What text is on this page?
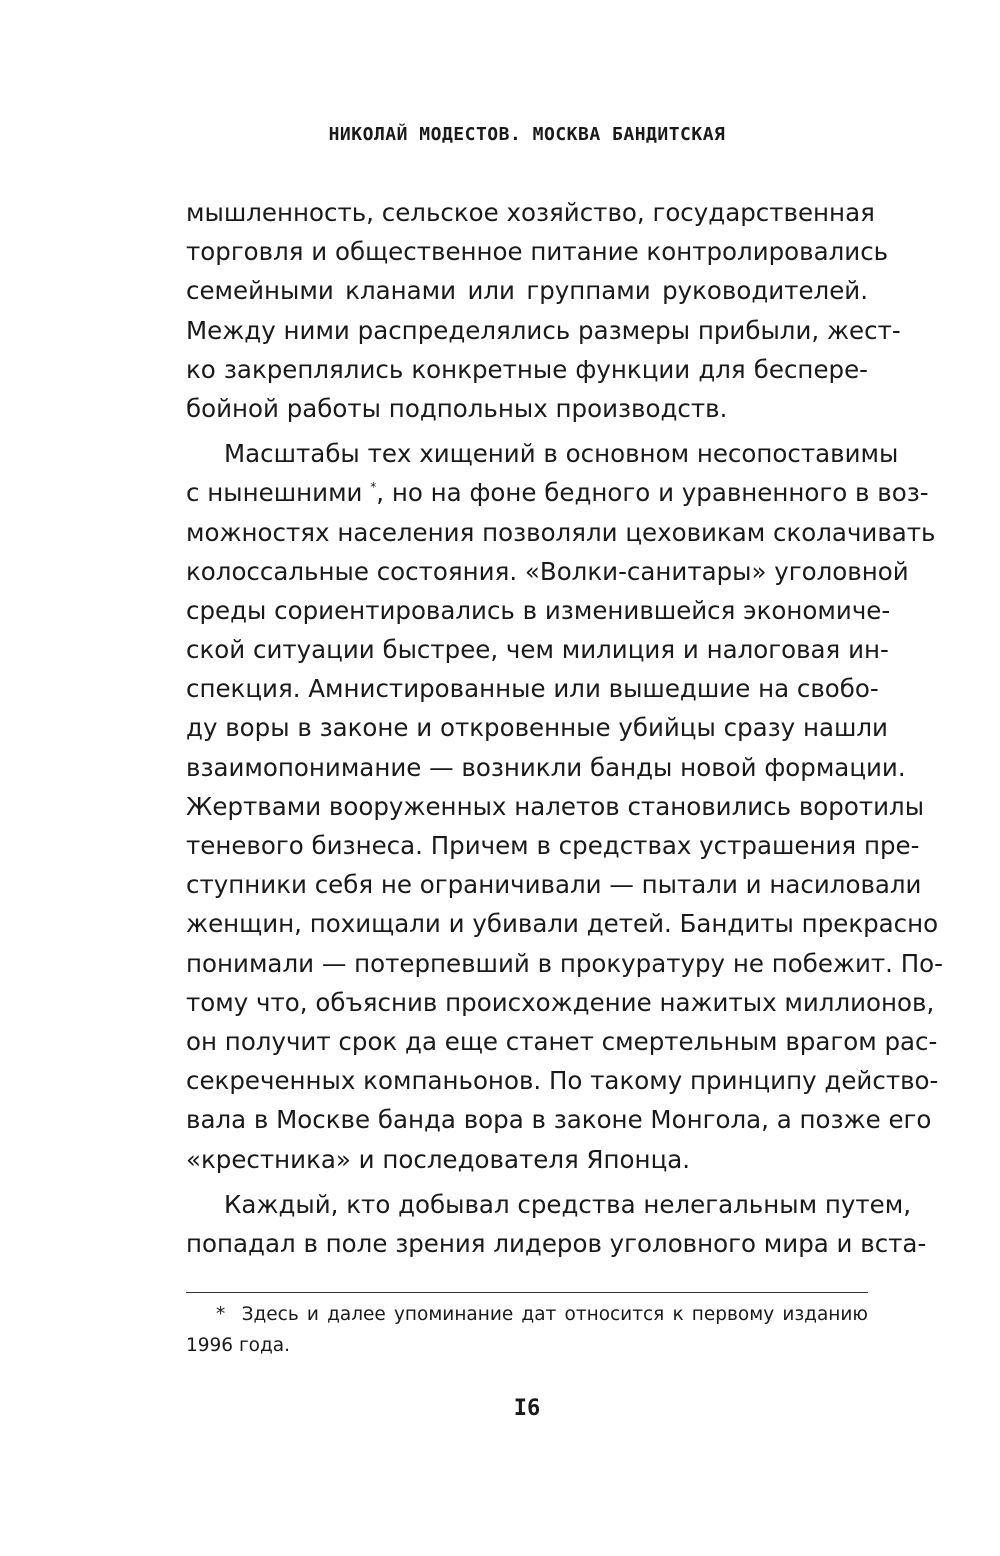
НИКОЛАЙ МОДЕСТОВ. МОСКВА БАНДИТСКАЯ
мышленность, сельское хозяйство, государственная
торговля и общественное питание контролировались
семейными кланами или группами руководителей.
Между ними распределялись размеры прибыли, жест-
ко закреплялись конкретные функции для беспере-
бойной работы подпольных производств.
Масштабы тех хищений в основном несопоставимы
с нынешними *, но на фоне бедного и уравненного в воз-
можностях населения позволяли цеховикам сколачивать
колоссальные состояния. «Волки-санитары» уголовной
среды сориентировались в изменившейся экономиче-
ской ситуации быстрее, чем милиция и налоговая ин-
спекция. Амнистированные или вышедшие на свобо-
ду воры в законе и откровенные убийцы сразу нашли
взаимопонимание — возникли банды новой формации.
Жертвами вооруженных налетов становились воротилы
теневого бизнеса. Причем в средствах устрашения пре-
ступники себя не ограничивали — пытали и насиловали
женщин, похищали и убивали детей. Бандиты прекрасно
понимали — потерпевший в прокуратуру не побежит. По-
тому что, объяснив происхождение нажитых миллионов,
он получит срок да еще станет смертельным врагом рас-
секреченных компаньонов. По такому принципу действо-
вала в Москве банда вора в законе Монгола, а позже его
«крестника» и последователя Японца.
Каждый, кто добывал средства нелегальным путем,
попадал в поле зрения лидеров уголовного мира и вста-
* Здесь и далее упоминание дат относится к первому изданию
1996 года.
I6
